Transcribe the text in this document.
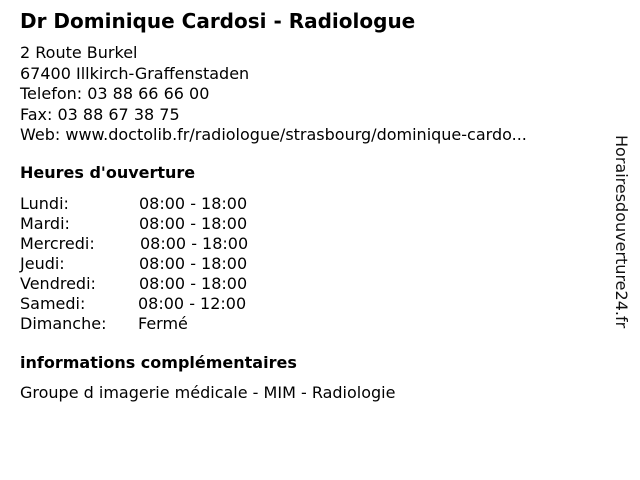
Dr Dominique Cardosi - Radiologue
2 Route Burkel
67400 Illkirch-Graffenstaden
Telefon: 03 88 66 66 00
Fax: 03 88 67 38 75
Web: www.doctolib.fr/radiologue/strasbourg/dominique-cardo...
Heures d'ouverture
Lundi:	08:00 - 18:00
Mardi:	08:00 - 18:00
Mercredi:	08:00 - 18:00
Jeudi:	08:00 - 18:00
Vendredi:	08:00 - 18:00
Samedi:	08:00 - 12:00
Dimanche: Fermé
informations complémentaires
Groupe d imagerie médicale - MIM - Radiologie
Horairesdouverture24.fr
